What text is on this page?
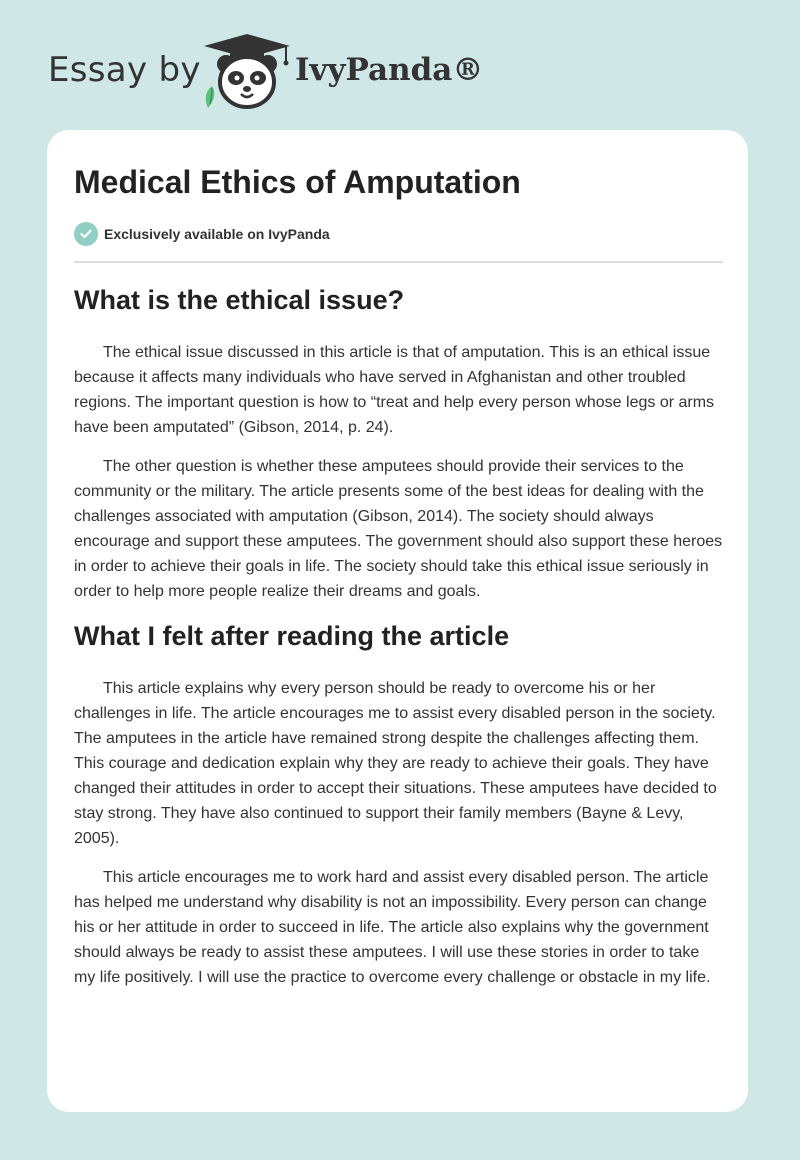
Essay by	IvyPanda®
Medical Ethics of Amputation
Exclusively available on IvyPanda
What is the ethical issue?

The ethical issue discussed in this article is that of amputation. This is an ethical issue because it affects many individuals who have served in Afghanistan and other troubled regions. The important question is how to “treat and help every person whose legs or arms have been amputated” (Gibson, 2014, p. 24).

The other question is whether these amputees should provide their services to the community or the military. The article presents some of the best ideas for dealing with the challenges associated with amputation (Gibson, 2014). The society should always encourage and support these amputees. The government should also support these heroes in order to achieve their goals in life. The society should take this ethical issue seriously in order to help more people realize their dreams and goals.

What I felt after reading the article

This article explains why every person should be ready to overcome his or her challenges in life. The article encourages me to assist every disabled person in the society. The amputees in the article have remained strong despite the challenges affecting them. This courage and dedication explain why they are ready to achieve their goals. They have changed their attitudes in order to accept their situations. These amputees have decided to stay strong. They have also continued to support their family members (Bayne & Levy, 2005).

This article encourages me to work hard and assist every disabled person. The article has helped me understand why disability is not an impossibility. Every person can change his or her attitude in order to succeed in life. The article also explains why the government should always be ready to assist these amputees. I will use these stories in order to take my life positively. I will use the practice to overcome every challenge or obstacle in my life.
